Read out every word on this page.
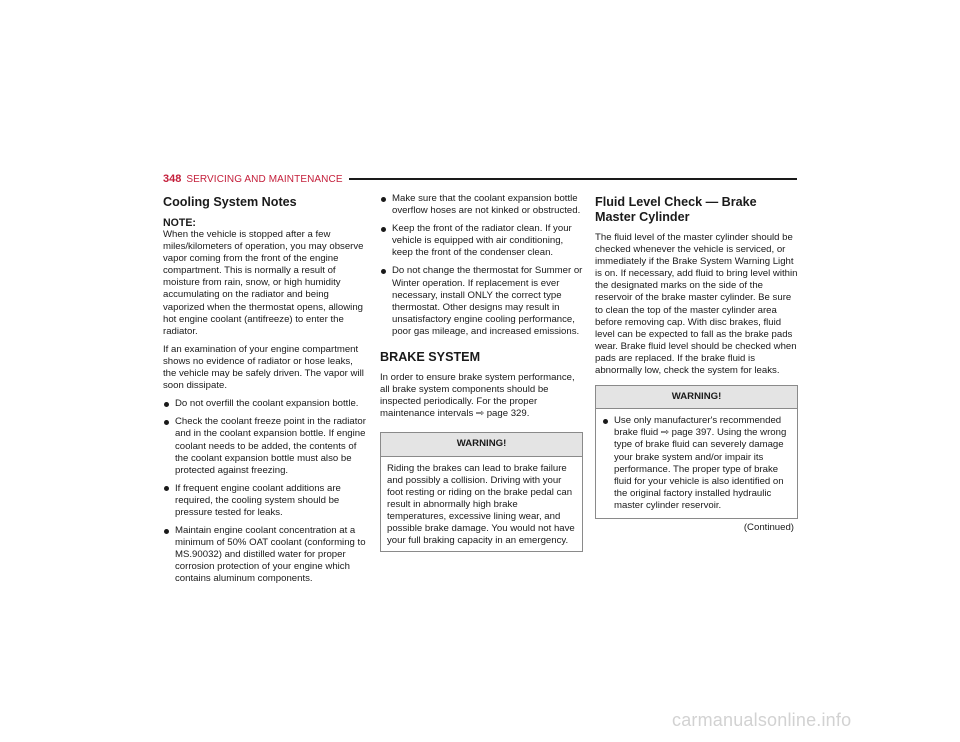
348 SERVICING AND MAINTENANCE
Cooling System Notes
NOTE:

When the vehicle is stopped after a few miles/kilometers of operation, you may observe vapor coming from the front of the engine compartment. This is normally a result of moisture from rain, snow, or high humidity accumulating on the radiator and being vaporized when the thermostat opens, allowing hot engine coolant (antifreeze) to enter the radiator.

If an examination of your engine compartment shows no evidence of radiator or hose leaks, the vehicle may be safely driven. The vapor will soon dissipate.

Do not overfill the coolant expansion bottle.
Check the coolant freeze point in the radiator and in the coolant expansion bottle. If engine coolant needs to be added, the contents of the coolant expansion bottle must also be protected against freezing.
If frequent engine coolant additions are required, the cooling system should be pressure tested for leaks.
Maintain engine coolant concentration at a minimum of 50% OAT coolant (conforming to MS.90032) and distilled water for proper corrosion protection of your engine which contains aluminum components.
Make sure that the coolant expansion bottle overflow hoses are not kinked or obstructed.
Keep the front of the radiator clean. If your vehicle is equipped with air conditioning, keep the front of the condenser clean.
Do not change the thermostat for Summer or Winter operation. If replacement is ever necessary, install ONLY the correct type thermostat. Other designs may result in unsatisfactory engine cooling performance, poor gas mileage, and increased emissions.
BRAKE SYSTEM

In order to ensure brake system performance, all brake system components should be inspected periodically. For the proper maintenance intervals ⇨ page 329.

WARNING!
Riding the brakes can lead to brake failure and possibly a collision. Driving with your foot resting or riding on the brake pedal can result in abnormally high brake temperatures, excessive lining wear, and possible brake damage. You would not have your full braking capacity in an emergency.
Fluid Level Check — Brake Master Cylinder

The fluid level of the master cylinder should be checked whenever the vehicle is serviced, or immediately if the Brake System Warning Light is on. If necessary, add fluid to bring level within the designated marks on the side of the reservoir of the brake master cylinder. Be sure to clean the top of the master cylinder area before removing cap. With disc brakes, fluid level can be expected to fall as the brake pads wear. Brake fluid level should be checked when pads are replaced. If the brake fluid is abnormally low, check the system for leaks.

WARNING!
Use only manufacturer's recommended brake fluid ⇨ page 397. Using the wrong type of brake fluid can severely damage your brake system and/or impair its performance. The proper type of brake fluid for your vehicle is also identified on the original factory installed hydraulic master cylinder reservoir.
(Continued)
carmanualsonline.info
